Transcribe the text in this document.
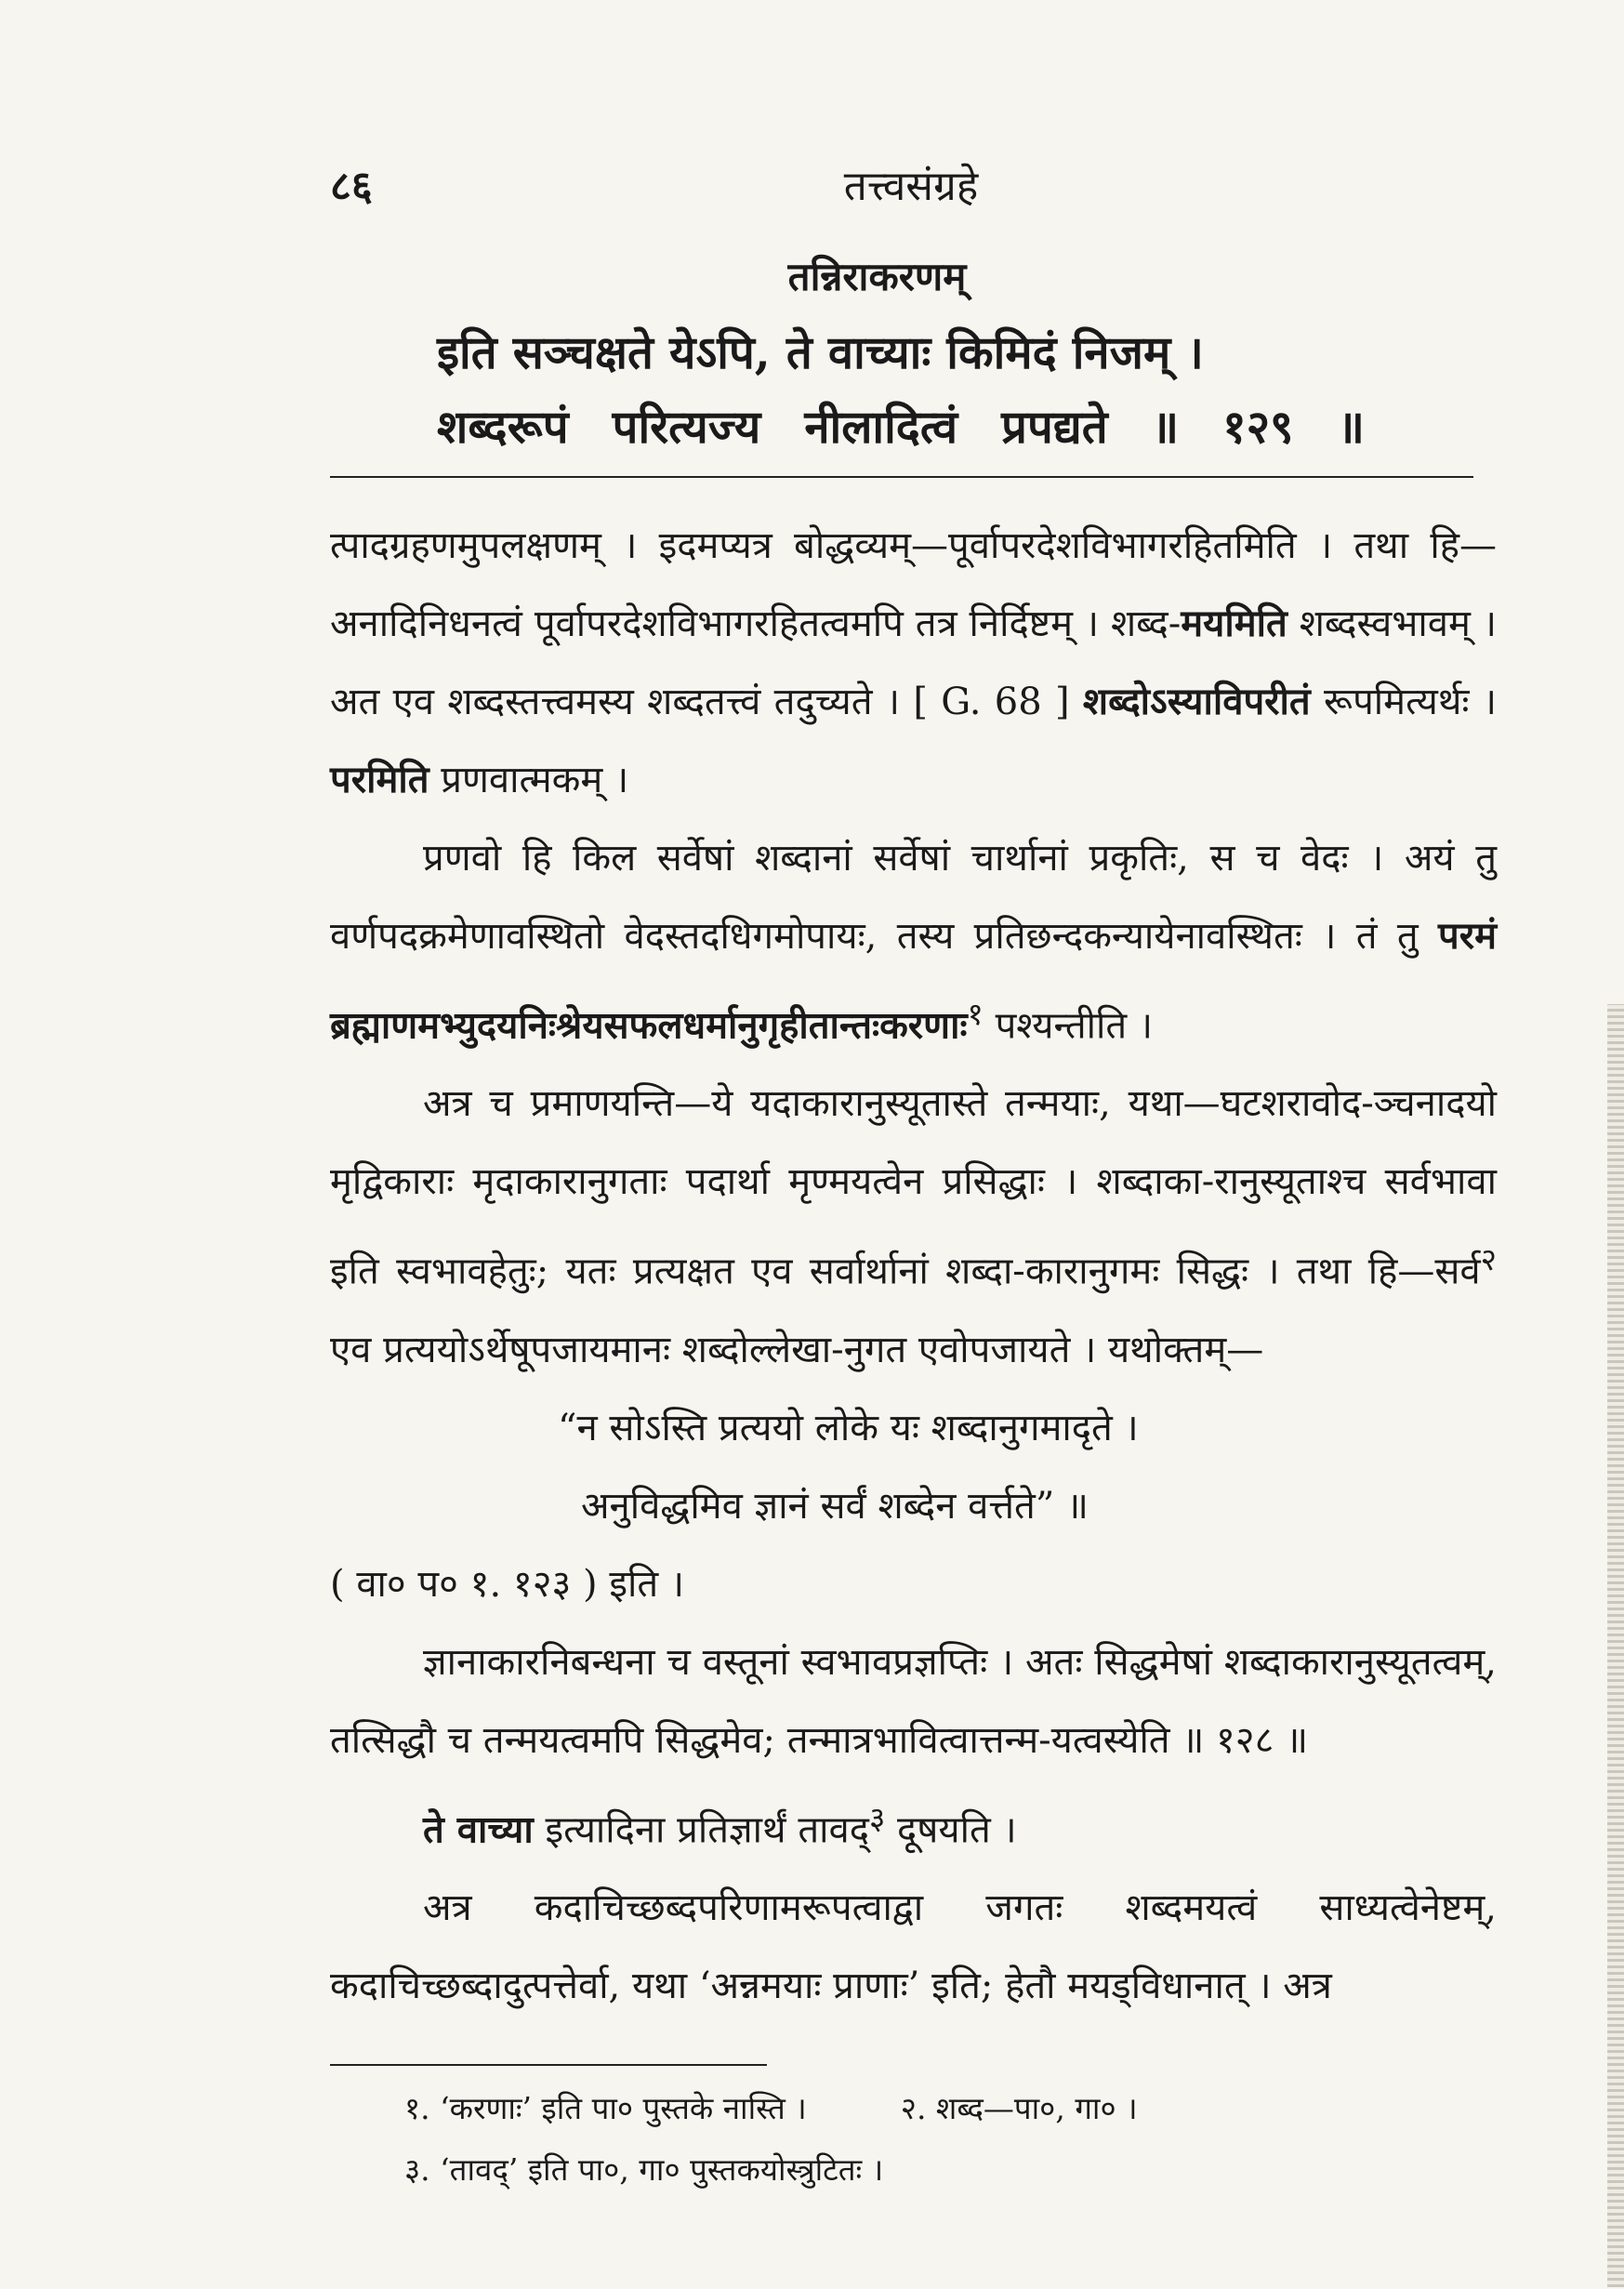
८६	तत्त्वसंग्रहे
तन्निराकरणम्
इति सञ्चक्षते येऽपि, ते वाच्याः किमिदं निजम् ।
शब्दरूपं परित्यज्य नीलादित्वं प्रपद्यते ॥ १२९ ॥

त्पादग्रहणमुपलक्षणम् । इदमप्यत्र बोद्धव्यम्—पूर्वापरदेशविभागरहितमिति । तथा हि—अनादिनिधनत्वं पूर्वापरदेशविभागरहितत्वमपि तत्र निर्दिष्टम् । शब्द-मयमिति शब्दस्वभावम् । अत एव शब्दस्तत्त्वमस्य शब्दतत्त्वं तदुच्यते । [ G. 68 ] शब्दोऽस्याविपरीतं रूपमित्यर्थः । परमिति प्रणवात्मकम् ।

प्रणवो हि किल सर्वेषां शब्दानां सर्वेषां चार्थानां प्रकृतिः, स च वेदः । अयं तु वर्णपदक्रमेणावस्थितो वेदस्तदधिगमोपायः, तस्य प्रतिछन्दकन्यायेनावस्थितः । तं तु परमं ब्रह्माणमभ्युदयनिःश्रेयसफलधर्मानुगृहीतान्तःकरणाः$^१$ पश्यन्तीति ।

अत्र च प्रमाणयन्ति—ये यदाकारानुस्यूतास्ते तन्मयाः, यथा—घटशरावोद-ञ्चनादयो मृद्विकाराः मृदाकारानुगताः पदार्था मृण्मयत्वेन प्रसिद्धाः । शब्दाका-रानुस्यूताश्च सर्वभावा इति स्वभावहेतुः; यतः प्रत्यक्षत एव सर्वार्थानां शब्दा-कारानुगमः सिद्धः । तथा हि—सर्व$^२$ एव प्रत्ययोऽर्थेषूपजायमानः शब्दोल्लेखा-नुगत एवोपजायते । यथोक्तम्—

“न सोऽस्ति प्रत्ययो लोके यः शब्दानुगमादृते ।

अनुविद्धमिव ज्ञानं सर्वं शब्देन वर्त्तते” ॥

( वा० प० १. १२३ ) इति ।

ज्ञानाकारनिबन्धना च वस्तूनां स्वभावप्रज्ञप्तिः । अतः सिद्धमेषां शब्दाकारानुस्यूतत्वम्, तत्सिद्धौ च तन्मयत्वमपि सिद्धमेव; तन्मात्रभावित्वात्तन्म-यत्वस्येति ॥ १२८ ॥

ते वाच्या इत्यादिना प्रतिज्ञार्थं तावद्$^३$ दूषयति ।

अत्र कदाचिच्छब्दपरिणामरूपत्वाद्वा जगतः शब्दमयत्वं साध्यत्वेनेष्टम्, कदाचिच्छब्दादुत्पत्तेर्वा, यथा ‘अन्नमयाः प्राणाः’ इति; हेतौ मयड्विधानात् । अत्र

१. ‘करणाः’ इति पा० पुस्तके नास्ति ।	२. शब्द—पा०, गा० ।
३. ‘तावद्’ इति पा०, गा० पुस्तकयोस्त्रुटितः ।
